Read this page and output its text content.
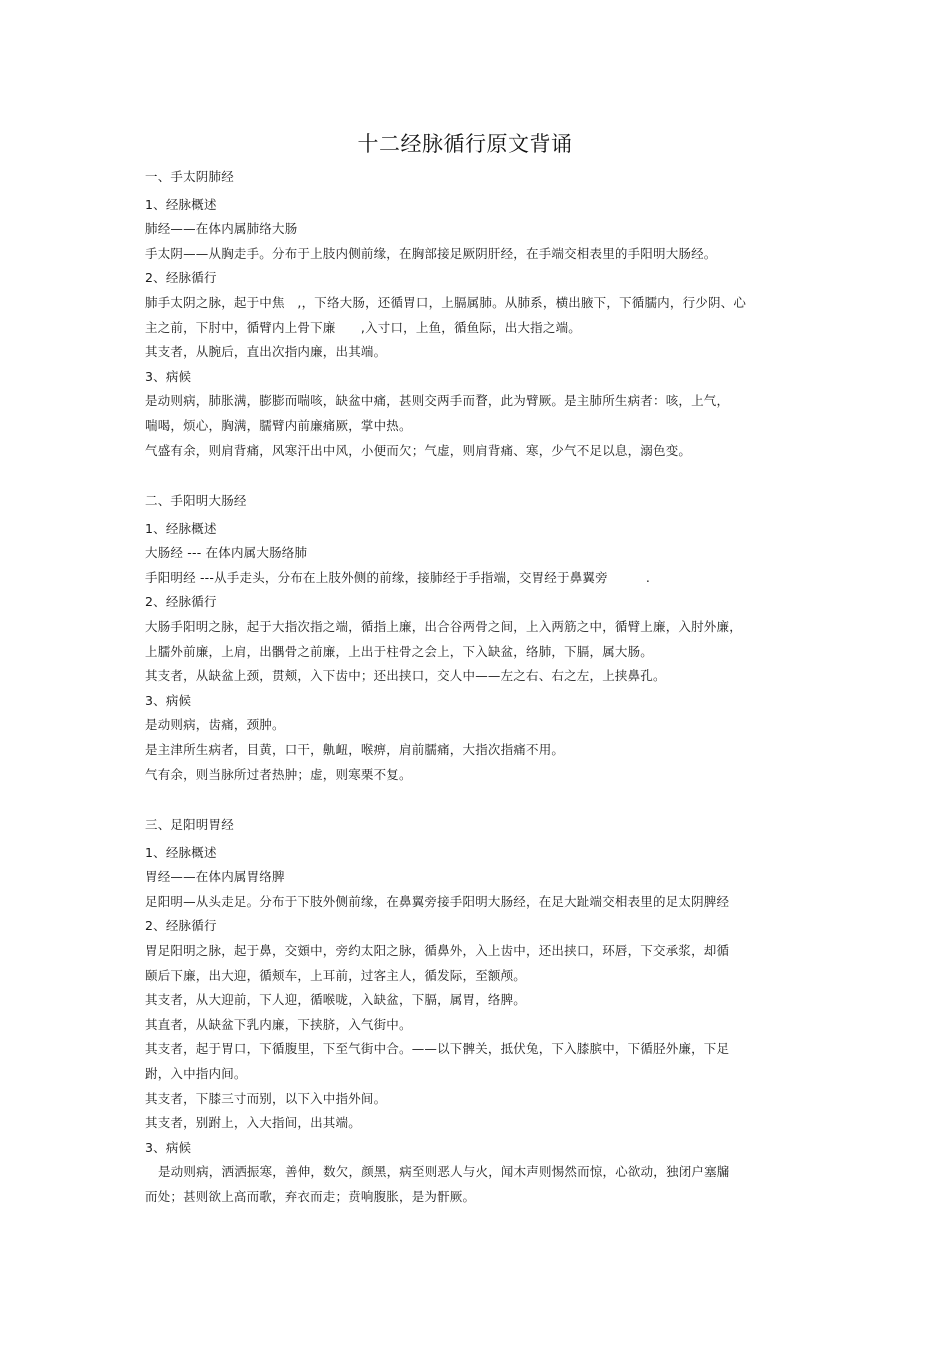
十二经脉循行原文背诵
一、手太阴肺经
1、经脉概述
肺经——在体内属肺络大肠
手太阴——从胸走手。分布于上肢内侧前缘，在胸部接足厥阴肝经，在手端交相表里的手阳明大肠经。
2、经脉循行
肺手太阴之脉，起于中焦　,，下络大肠，还循胃口，上膈属肺。从肺系，横出腋下，下循臑内，行少阴、心
主之前，下肘中，循臂内上骨下廉　　,入寸口，上鱼，循鱼际，出大指之端。
其支者，从腕后，直出次指内廉，出其端。
3、病候
是动则病，肺胀满，膨膨而喘咳，缺盆中痛，甚则交两手而瞀，此为臂厥。是主肺所生病者：咳，上气，
喘喝，烦心，胸满，臑臂内前廉痛厥，掌中热。
气盛有余，则肩背痛，风寒汗出中风，小便而欠；气虚，则肩背痛、寒，少气不足以息，溺色变。
二、手阳明大肠经
1、经脉概述
大肠经 --- 在体内属大肠络肺
手阳明经 ---从手走头，分布在上肢外侧的前缘，接肺经于手指端，交胃经于鼻翼旁　　　.
2、经脉循行
大肠手阳明之脉，起于大指次指之端，循指上廉，出合谷两骨之间，上入两筋之中，循臂上廉，入肘外廉，
上臑外前廉，上肩，出髃骨之前廉，上出于柱骨之会上，下入缺盆，络肺，下膈，属大肠。
其支者，从缺盆上颈，贯颊，入下齿中；还出挟口，交人中——左之右、右之左，上挟鼻孔。
3、病候
是动则病，齿痛，颈肿。
是主津所生病者，目黄，口干，鼽衄，喉痹，肩前臑痛，大指次指痛不用。
气有余，则当脉所过者热肿；虚，则寒栗不复。
三、足阳明胃经
1、经脉概述
胃经——在体内属胃络脾
足阳明—从头走足。分布于下肢外侧前缘，在鼻翼旁接手阳明大肠经，在足大趾端交相表里的足太阴脾经
2、经脉循行
胃足阳明之脉，起于鼻，交頞中，旁约太阳之脉，循鼻外，入上齿中，还出挟口，环唇，下交承浆，却循
颐后下廉，出大迎，循颊车，上耳前，过客主人，循发际，至额颅。
其支者，从大迎前，下人迎，循喉咙，入缺盆，下膈，属胃，络脾。
其直者，从缺盆下乳内廉，下挟脐，入气街中。
其支者，起于胃口，下循腹里，下至气街中合。——以下髀关，抵伏兔，下入膝膑中，下循胫外廉，下足
跗，入中指内间。
其支者，下膝三寸而别，以下入中指外间。
其支者，别跗上，入大指间，出其端。
3、病候
是动则病，洒洒振寒，善伸，数欠，颜黑，病至则恶人与火，闻木声则惕然而惊，心欲动，独闭户塞牖
而处；甚则欲上高而歌，弃衣而走；贲响腹胀，是为骭厥。
